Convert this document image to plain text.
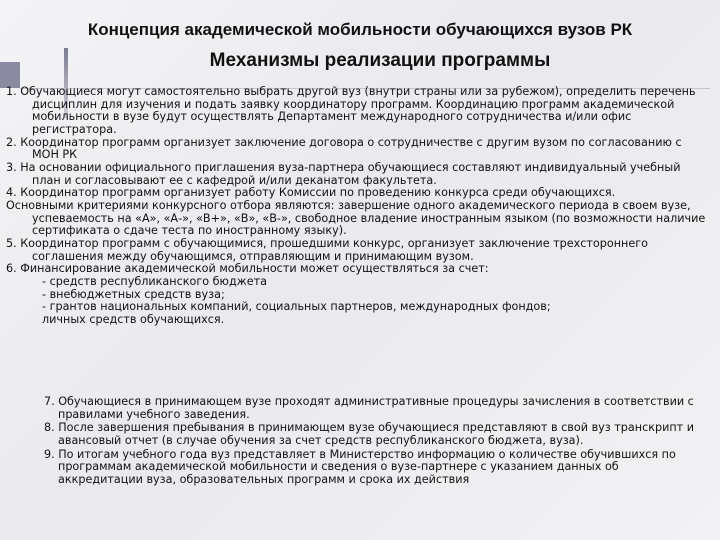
Концепция академической мобильности обучающихся вузов РК
Механизмы реализации программы

1. Обучающиеся могут самостоятельно выбрать другой вуз (внутри страны или за рубежом), определить перечень дисциплин для изучения и подать заявку координатору программ. Координацию программ академической мобильности в вузе будут осуществлять Департамент международного сотрудничества и/или офис регистратора.

2. Координатор программ организует заключение договора о сотрудничестве с другим вузом по согласованию с МОН РК

3. На основании официального приглашения вуза-партнера обучающиеся составляют индивидуальный учебный план и согласовывают ее с кафедрой и/или деканатом факультета.

4. Координатор программ организует работу Комиссии по проведению конкурса среди обучающихся.

Основными критериями конкурсного отбора являются: завершение одного академического периода в своем вузе, успеваемость на «А», «А-», «В+», «В», «В-», свободное владение иностранным языком (по возможности наличие сертификата о сдаче теста по иностранному языку).

5. Координатор программ с обучающимися, прошедшими конкурс, организует заключение трехстороннего соглашения между обучающимся, отправляющим и принимающим вузом.

6. Финансирование академической мобильности может осуществляться за счет:

- средств республиканского бюджета

- внебюджетных средств вуза;

- грантов национальных компаний, социальных партнеров, международных фондов;

личных средств обучающихся.

7. Обучающиеся в принимающем вузе проходят административные процедуры зачисления в соответствии с правилами учебного заведения.

8. После завершения пребывания в принимающем вузе обучающиеся представляют в свой вуз транскрипт и авансовый отчет (в случае обучения за счет средств республиканского бюджета, вуза).

9. По итогам учебного года вуз представляет в Министерство информацию о количестве обучившихся по программам академической мобильности и сведения о вузе-партнере с указанием данных об аккредитации вуза, образовательных программ и срока их действия
